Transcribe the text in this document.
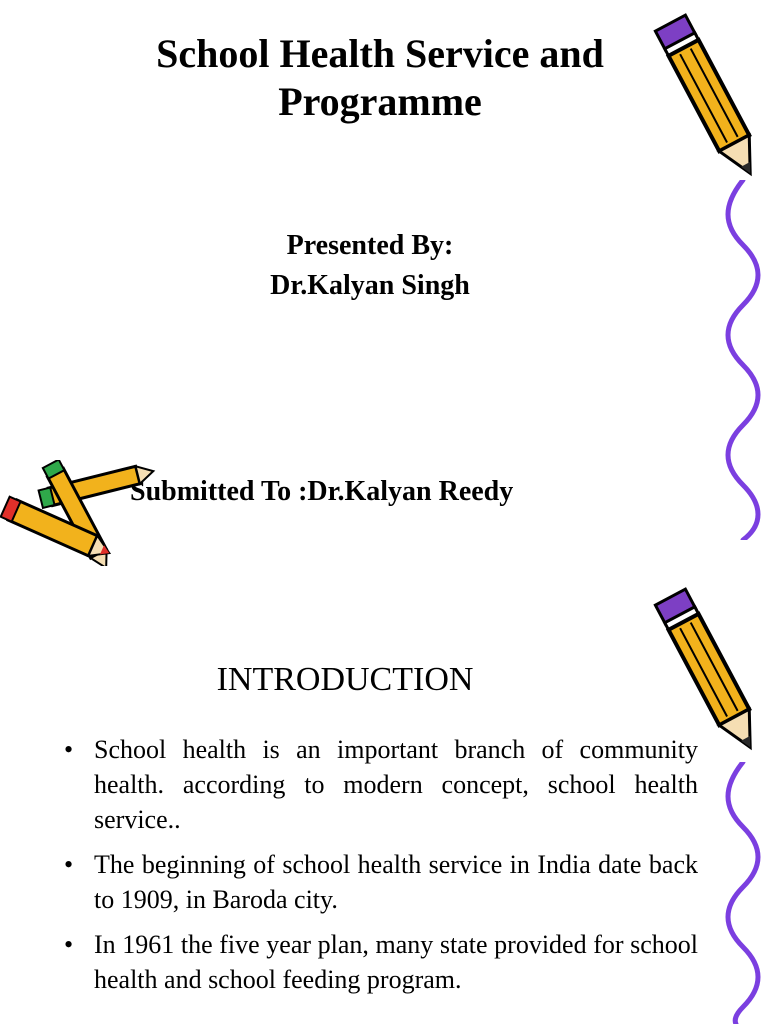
School Health Service and Programme
Presented By:
Dr.Kalyan Singh
Submitted To :Dr.Kalyan Reedy
INTRODUCTION
• School health is an important branch of community health. according to modern concept, school health service..
• The beginning of school health service in India date back to 1909, in Baroda city.
• In 1961 the five year plan, many state provided for school health and school feeding program.
